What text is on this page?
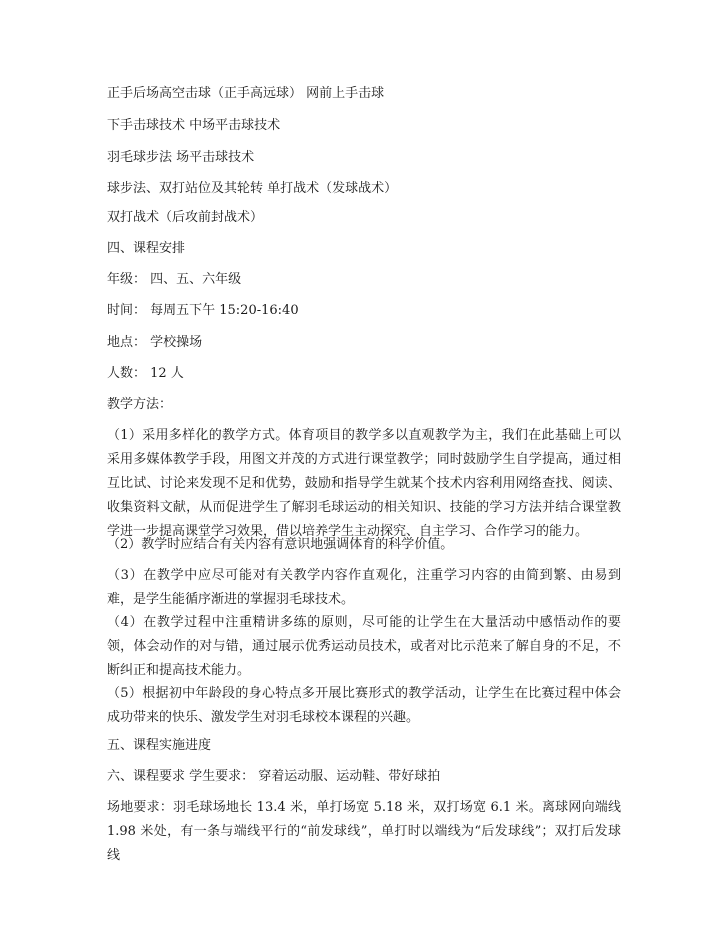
正手后场高空击球（正手高远球） 网前上手击球
下手击球技术 中场平击球技术
羽毛球步法 场平击球技术
球步法、双打站位及其轮转 单打战术（发球战术）
双打战术（后攻前封战术）
四、课程安排
年级： 四、五、六年级
时间： 每周五下午 15:20-16:40
地点： 学校操场
人数： 12 人
教学方法：
（1）采用多样化的教学方式。体育项目的教学多以直观教学为主，我们在此基础上可以采用多媒体教学手段，用图文并茂的方式进行课堂教学；同时鼓励学生自学提高，通过相互比试、讨论来发现不足和优势，鼓励和指导学生就某个技术内容利用网络查找、阅读、收集资料文献，从而促进学生了解羽毛球运动的相关知识、技能的学习方法并结合课堂教学进一步提高课堂学习效果，借以培养学生主动探究、自主学习、合作学习的能力。
（2）教学时应结合有关内容有意识地强调体育的科学价值。
（3）在教学中应尽可能对有关教学内容作直观化，注重学习内容的由简到繁、由易到难，是学生能循序渐进的掌握羽毛球技术。
（4）在教学过程中注重精讲多练的原则，尽可能的让学生在大量活动中感悟动作的要领，体会动作的对与错，通过展示优秀运动员技术，或者对比示范来了解自身的不足，不断纠正和提高技术能力。
（5）根据初中年龄段的身心特点多开展比赛形式的教学活动，让学生在比赛过程中体会成功带来的快乐、激发学生对羽毛球校本课程的兴趣。
五、课程实施进度
六、课程要求 学生要求： 穿着运动服、运动鞋、带好球拍
场地要求：羽毛球场地长 13.4 米，单打场宽 5.18 米，双打场宽 6.1 米。离球网向端线 1.98 米处，有一条与端线平行的“前发球线”，单打时以端线为“后发球线”；双打后发球线
